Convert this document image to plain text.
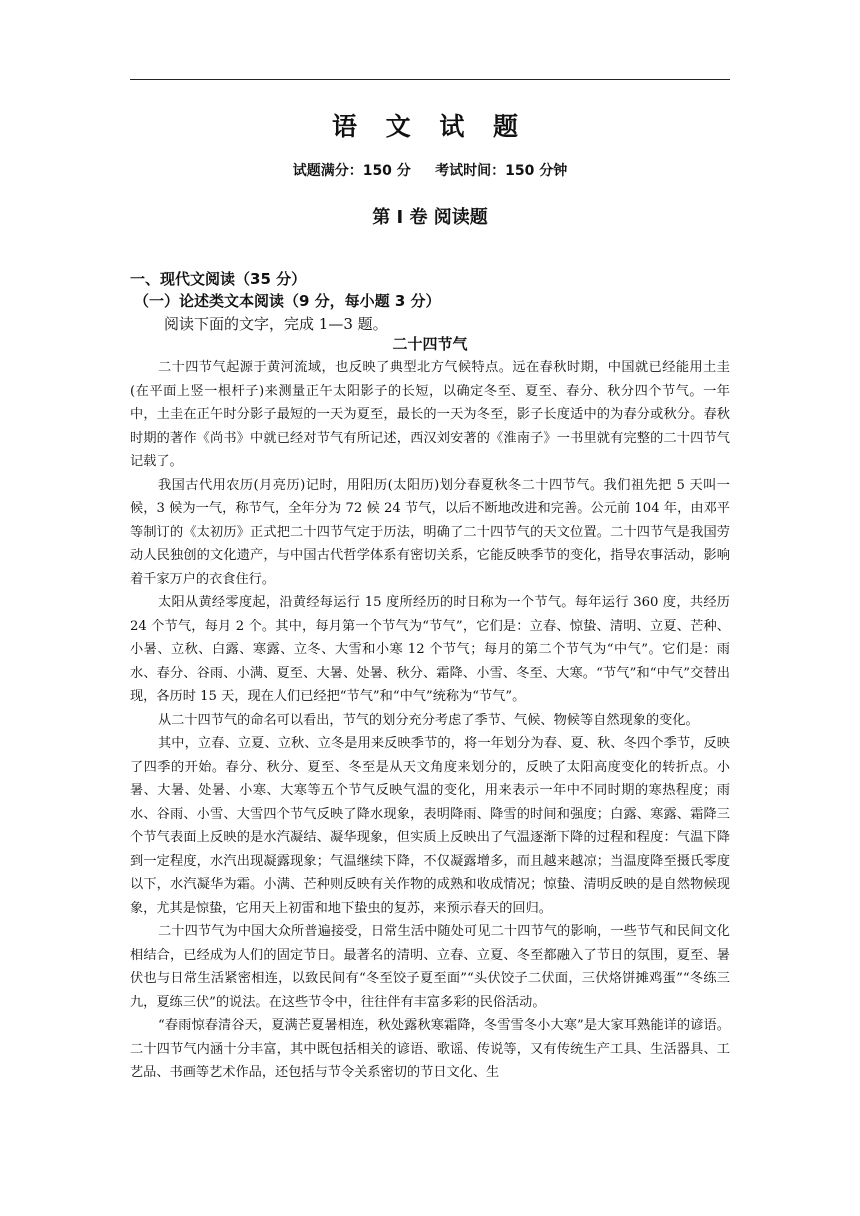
语 文 试 题
试题满分：150 分     考试时间：150 分钟
第 I 卷 阅读题
一、现代文阅读（35 分）
（一）论述类文本阅读（9 分，每小题 3 分）
阅读下面的文字，完成 1—3 题。
二十四节气

二十四节气起源于黄河流域，也反映了典型北方气候特点。远在春秋时期，中国就已经能用土圭(在平面上竖一根杆子)来测量正午太阳影子的长短，以确定冬至、夏至、春分、秋分四个节气。一年中，土圭在正午时分影子最短的一天为夏至，最长的一天为冬至，影子长度适中的为春分或秋分。春秋时期的著作《尚书》中就已经对节气有所记述，西汉刘安著的《淮南子》一书里就有完整的二十四节气记载了。

我国古代用农历(月亮历)记时，用阳历(太阳历)划分春夏秋冬二十四节气。我们祖先把 5 天叫一候，3 候为一气，称节气，全年分为 72 候 24 节气，以后不断地改进和完善。公元前 104 年，由邓平等制订的《太初历》正式把二十四节气定于历法，明确了二十四节气的天文位置。二十四节气是我国劳动人民独创的文化遗产，与中国古代哲学体系有密切关系，它能反映季节的变化，指导农事活动，影响着千家万户的衣食住行。

太阳从黄经零度起，沿黄经每运行 15 度所经历的时日称为一个节气。每年运行 360 度，共经历 24 个节气，每月 2 个。其中，每月第一个节气为“节气”，它们是：立春、惊蛰、清明、立夏、芒种、小暑、立秋、白露、寒露、立冬、大雪和小寒 12 个节气；每月的第二个节气为“中气”。它们是：雨水、春分、谷雨、小满、夏至、大暑、处暑、秋分、霜降、小雪、冬至、大寒。“节气”和“中气”交替出现，各历时 15 天，现在人们已经把“节气”和“中气”统称为“节气”。

从二十四节气的命名可以看出，节气的划分充分考虑了季节、气候、物候等自然现象的变化。

其中，立春、立夏、立秋、立冬是用来反映季节的，将一年划分为春、夏、秋、冬四个季节，反映了四季的开始。春分、秋分、夏至、冬至是从天文角度来划分的，反映了太阳高度变化的转折点。小暑、大暑、处暑、小寒、大寒等五个节气反映气温的变化，用来表示一年中不同时期的寒热程度；雨水、谷雨、小雪、大雪四个节气反映了降水现象，表明降雨、降雪的时间和强度；白露、寒露、霜降三个节气表面上反映的是水汽凝结、凝华现象，但实质上反映出了气温逐渐下降的过程和程度：气温下降到一定程度，水汽出现凝露现象；气温继续下降，不仅凝露增多，而且越来越凉；当温度降至摄氏零度以下，水汽凝华为霜。小满、芒种则反映有关作物的成熟和收成情况；惊蛰、清明反映的是自然物候现象，尤其是惊蛰，它用天上初雷和地下蛰虫的复苏，来预示春天的回归。

二十四节气为中国大众所普遍接受，日常生活中随处可见二十四节气的影响，一些节气和民间文化相结合，已经成为人们的固定节日。最著名的清明、立春、立夏、冬至都融入了节日的氛围，夏至、暑伏也与日常生活紧密相连，以致民间有“冬至饺子夏至面”“头伏饺子二伏面，三伏烙饼摊鸡蛋”“冬练三九，夏练三伏”的说法。在这些节令中，往往伴有丰富多彩的民俗活动。

“春雨惊春清谷天，夏满芒夏暑相连，秋处露秋寒霜降，冬雪雪冬小大寒”是大家耳熟能详的谚语。二十四节气内涵十分丰富，其中既包括相关的谚语、歌谣、传说等，又有传统生产工具、生活器具、工艺品、书画等艺术作品，还包括与节令关系密切的节日文化、生
